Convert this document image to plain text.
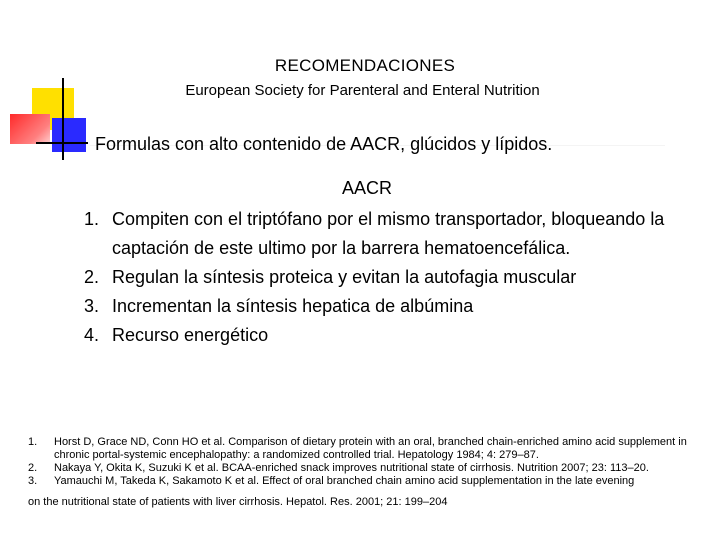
RECOMENDACIONES
European Society for Parenteral and Enteral Nutrition
Formulas con alto contenido de AACR, glúcidos y lípidos.
AACR
1. Compiten con el triptófano por el mismo transportador, bloqueando la captación de este ultimo por la barrera hematoencefálica.
2. Regulan la síntesis proteica y evitan la autofagia muscular
3. Incrementan la síntesis hepatica de albúmina
4. Recurso energético
1. Horst D, Grace ND, Conn HO et al. Comparison of dietary protein with an oral, branched chain-enriched amino acid supplement in chronic portal-systemic encephalopathy: a randomized controlled trial. Hepatology 1984; 4: 279–87.
2. Nakaya Y, Okita K, Suzuki K et al. BCAA-enriched snack improves nutritional state of cirrhosis. Nutrition 2007; 23: 113–20.
3. Yamauchi M, Takeda K, Sakamoto K et al. Effect of oral branched chain amino acid supplementation in the late evening
on the nutritional state of patients with liver cirrhosis. Hepatol. Res. 2001; 21: 199–204
